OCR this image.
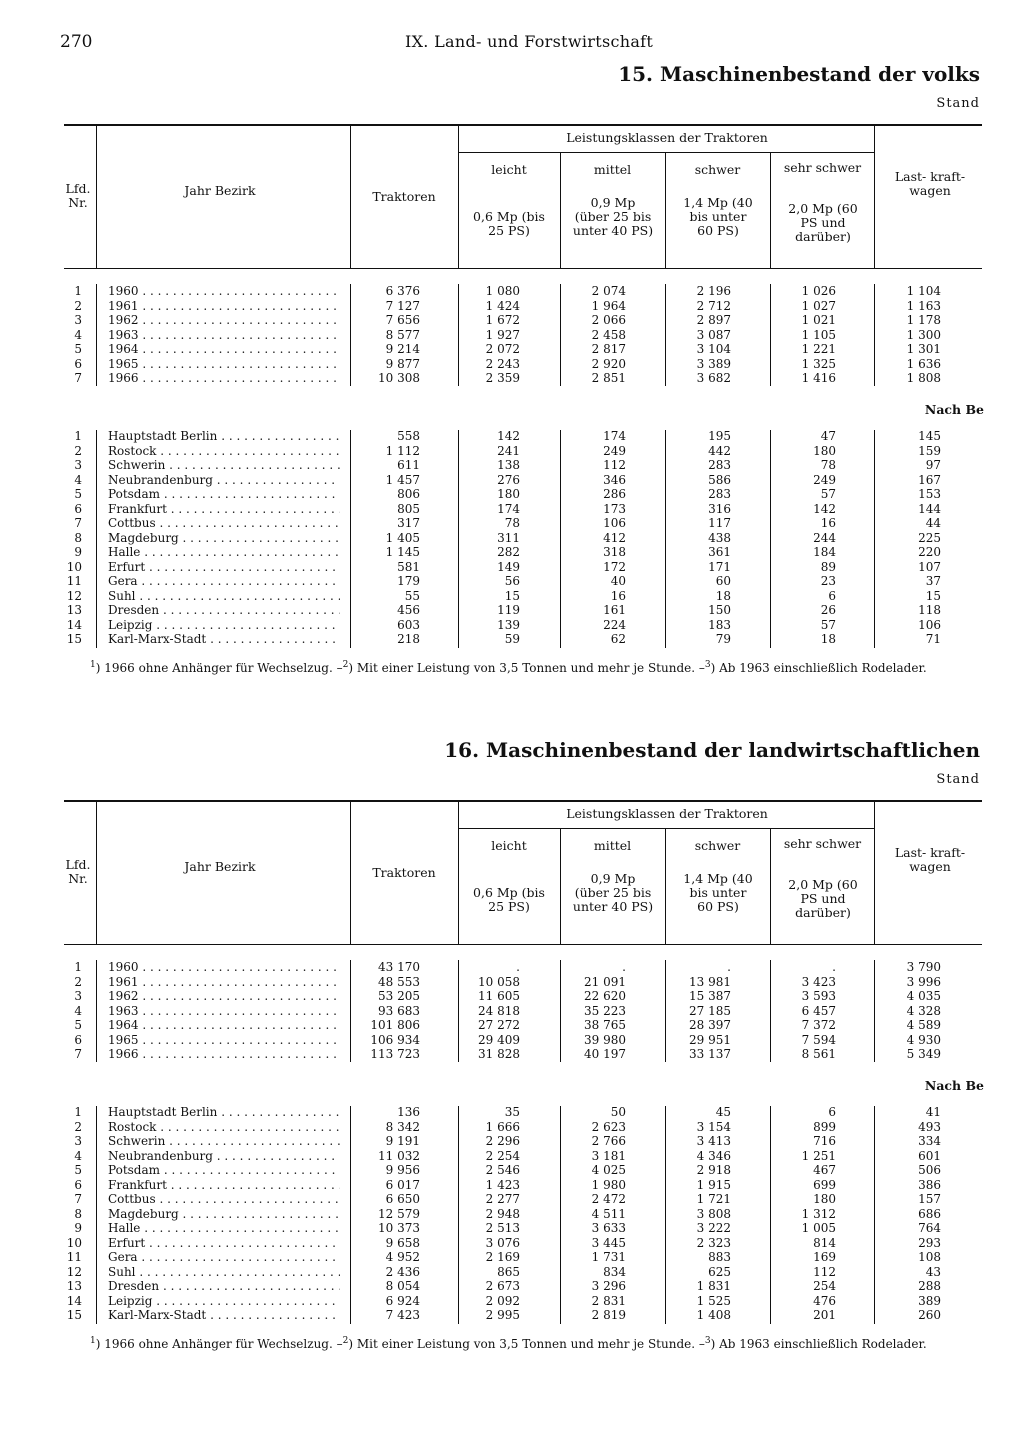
270	IX. Land- und Forstwirtschaft
15. Maschinenbestand der volks
Stand
Lfd. Nr.
Jahr Bezirk	Traktoren
Leistungsklassen der Traktoren
leicht	mittel	schwer	sehr schwer
0,6 Mp (bis 25 PS)
0,9 Mp (über 25 bis unter 40 PS)
1,4 Mp (40 bis unter 60 PS)
2,0 Mp (60 PS und darüber)
Last- kraft- wagen
1 1960 . . .	6 376	1 080	2 074	2 196	1 026	1 104
2 1961 . . .	7 127	1 424	1 964	2 712	1 027	1 163
3 1962 . . .	7 656	1 672	2 066	2 897	1 021	1 178
4 1963 . . .	8 577	1 927	2 458	3 087	1 105	1 300
5 1964 . . .	9 214	2 072	2 817	3 104	1 221	1 301
6 1965 . . .	9 877	2 243	2 920	3 389	1 325	1 636
7 1966 . . .	10 308	2 359	2 851	3 682	1 416	1 808
Nach Be
1 Hauptstadt Berlin . . .	558	142	174	195	47	145
2 Rostock . . .	1 112	241	249	442	180	159
3 Schwerin . . .	611	138	112	283	78	97
4 Neubrandenburg . . .	1 457	276	346	586	249	167
5 Potsdam . . .	806	180	286	283	57	153
6 Frankfurt . . .	805	174	173	316	142	144
7 Cottbus . . .	317	78	106	117	16	44
8 Magdeburg . . .	1 405	311	412	438	244	225
9 Halle . . .	1 145	282	318	361	184	220
10 Erfurt . . .	581	149	172	171	89	107
11 Gera . . .	179	56	40	60	23	37
12 Suhl . . .	55	15	16	18	6	15
13 Dresden . . .	456	119	161	150	26	118
14 Leipzig . . .	603	139	224	183	57	106
15 Karl-Marx-Stadt . . .	218	59	62	79	18	71
$^1$) 1966 ohne Anhänger für Wechselzug. –$^2$) Mit einer Leistung von 3,5 Tonnen und mehr je Stunde. –$^3$) Ab 1963 einschließlich Rodelader.
16. Maschinenbestand der landwirtschaftlichen
Stand
Lfd. Nr.
Jahr Bezirk	Traktoren
Leistungsklassen der Traktoren
leicht	mittel	schwer	sehr schwer
0,6 Mp (bis 25 PS)
0,9 Mp (über 25 bis unter 40 PS)
1,4 Mp (40 bis unter 60 PS)
2,0 Mp (60 PS und darüber)
Last- kraft- wagen
1 1960 . . .	43 170	.	.	.	.	3 790
2 1961 . . .	48 553	10 058	21 091	13 981	3 423	3 996
3 1962 . . .	53 205	11 605	22 620	15 387	3 593	4 035
4 1963 . . .	93 683	24 818	35 223	27 185	6 457	4 328
5 1964 . . .	101 806	27 272	38 765	28 397	7 372	4 589
6 1965 . . .	106 934	29 409	39 980	29 951	7 594	4 930
7 1966 . . .	113 723	31 828	40 197	33 137	8 561	5 349
Nach Be
1 Hauptstadt Berlin . . .	136	35	50	45	6	41
2 Rostock . . .	8 342	1 666	2 623	3 154	899	493
3 Schwerin . . .	9 191	2 296	2 766	3 413	716	334
4 Neubrandenburg . . .	11 032	2 254	3 181	4 346	1 251	601
5 Potsdam . . .	9 956	2 546	4 025	2 918	467	506
6 Frankfurt . . .	6 017	1 423	1 980	1 915	699	386
7 Cottbus . . .	6 650	2 277	2 472	1 721	180	157
8 Magdeburg . . .	12 579	2 948	4 511	3 808	1 312	686
9 Halle . . .	10 373	2 513	3 633	3 222	1 005	764
10 Erfurt . . .	9 658	3 076	3 445	2 323	814	293
11 Gera . . .	4 952	2 169	1 731	883	169	108
12 Suhl . . .	2 436	865	834	625	112	43
13 Dresden . . .	8 054	2 673	3 296	1 831	254	288
14 Leipzig . . .	6 924	2 092	2 831	1 525	476	389
15 Karl-Marx-Stadt . . .	7 423	2 995	2 819	1 408	201	260
$^1$) 1966 ohne Anhänger für Wechselzug. –$^2$) Mit einer Leistung von 3,5 Tonnen und mehr je Stunde. –$^3$) Ab 1963 einschließlich Rodelader.
